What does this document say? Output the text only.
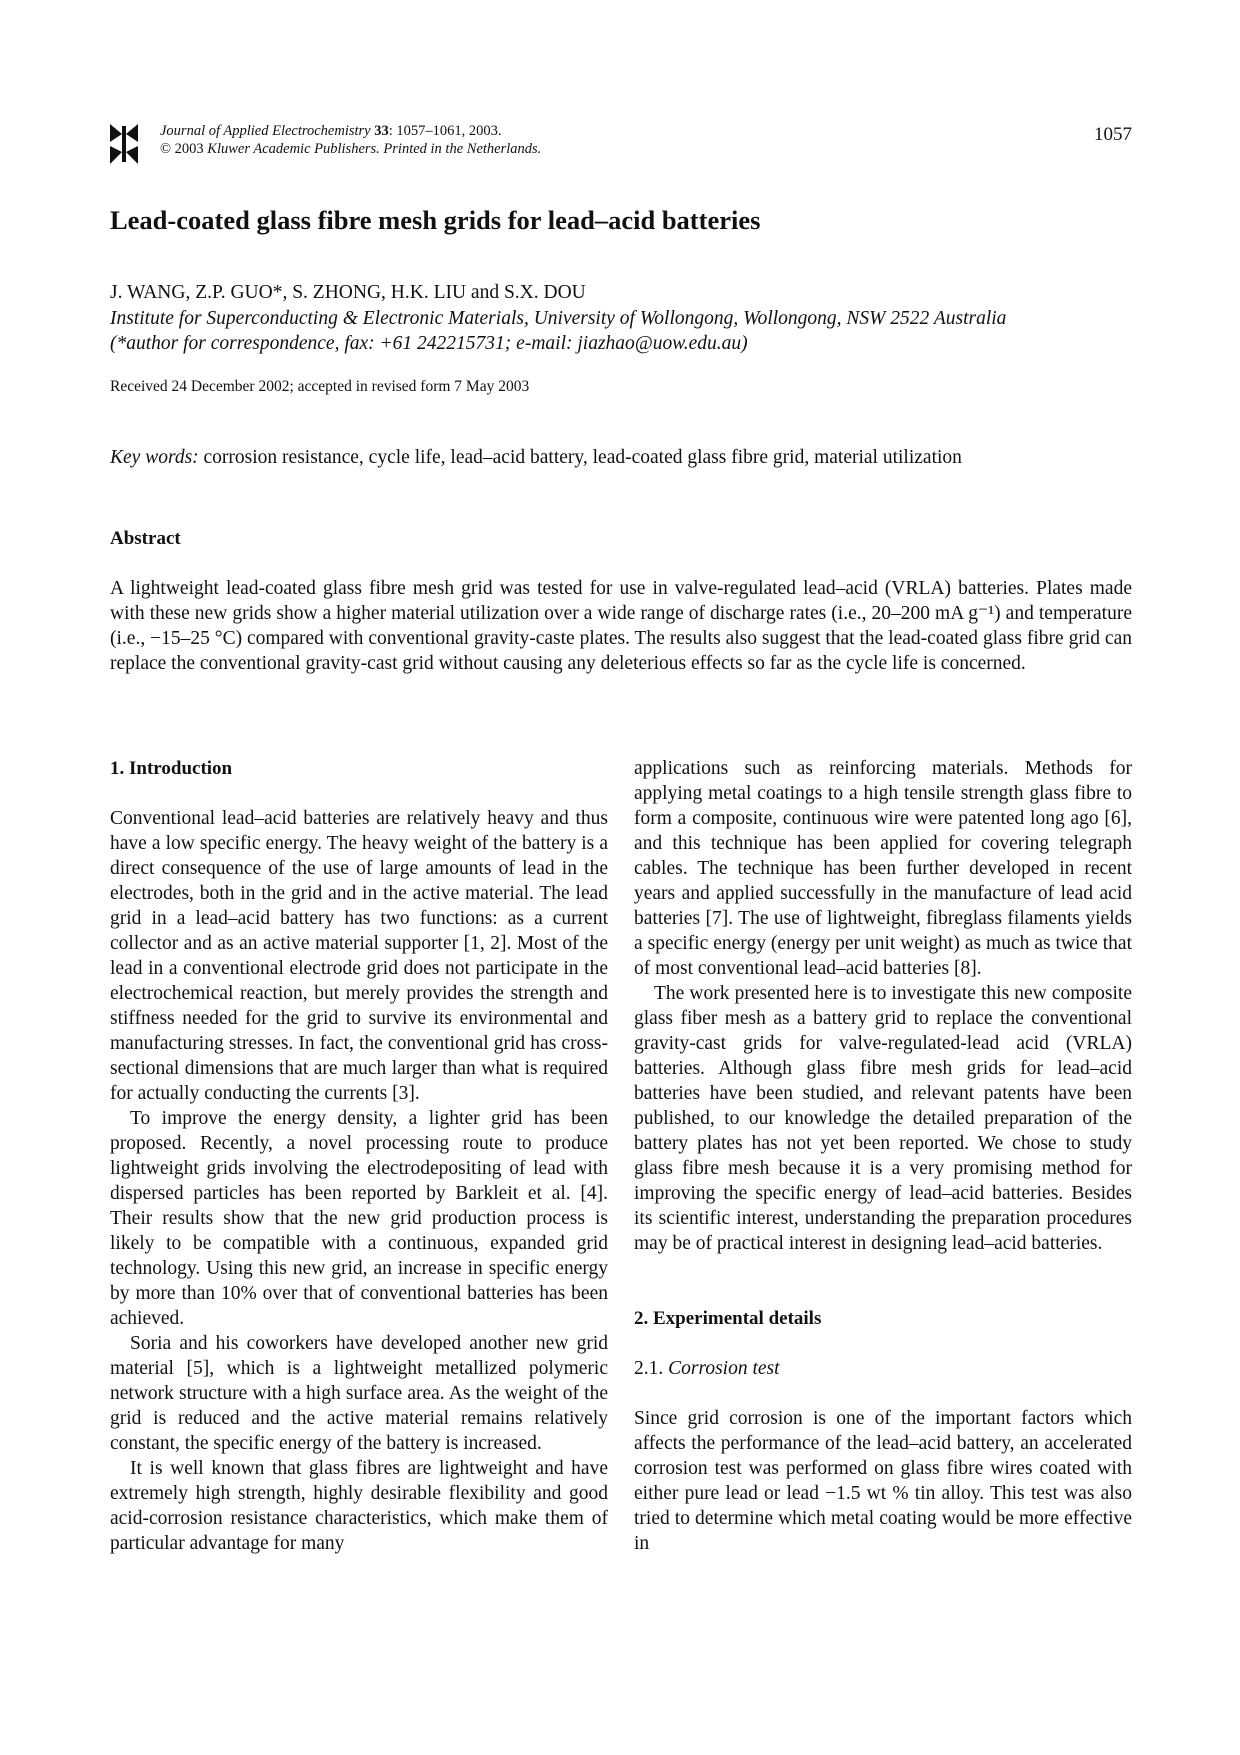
Journal of Applied Electrochemistry 33: 1057–1061, 2003.
© 2003 Kluwer Academic Publishers. Printed in the Netherlands.
1057
Lead-coated glass fibre mesh grids for lead–acid batteries
J. WANG, Z.P. GUO*, S. ZHONG, H.K. LIU and S.X. DOU
Institute for Superconducting & Electronic Materials, University of Wollongong, Wollongong, NSW 2522 Australia
(*author for correspondence, fax: +61 242215731; e-mail: jiazhao@uow.edu.au)
Received 24 December 2002; accepted in revised form 7 May 2003
Key words: corrosion resistance, cycle life, lead–acid battery, lead-coated glass fibre grid, material utilization
Abstract

A lightweight lead-coated glass fibre mesh grid was tested for use in valve-regulated lead–acid (VRLA) batteries. Plates made with these new grids show a higher material utilization over a wide range of discharge rates (i.e., 20–200 mA g⁻¹) and temperature (i.e., −15–25 °C) compared with conventional gravity-caste plates. The results also suggest that the lead-coated glass fibre grid can replace the conventional gravity-cast grid without causing any deleterious effects so far as the cycle life is concerned.

1. Introduction

Conventional lead–acid batteries are relatively heavy and thus have a low specific energy. The heavy weight of the battery is a direct consequence of the use of large amounts of lead in the electrodes, both in the grid and in the active material. The lead grid in a lead–acid battery has two functions: as a current collector and as an active material supporter [1, 2]. Most of the lead in a conventional electrode grid does not participate in the electrochemical reaction, but merely provides the strength and stiffness needed for the grid to survive its environmental and manufacturing stresses. In fact, the conventional grid has cross-sectional dimensions that are much larger than what is required for actually conducting the currents [3].

To improve the energy density, a lighter grid has been proposed. Recently, a novel processing route to produce lightweight grids involving the electrodepositing of lead with dispersed particles has been reported by Barkleit et al. [4]. Their results show that the new grid production process is likely to be compatible with a continuous, expanded grid technology. Using this new grid, an increase in specific energy by more than 10% over that of conventional batteries has been achieved.

Soria and his coworkers have developed another new grid material [5], which is a lightweight metallized polymeric network structure with a high surface area. As the weight of the grid is reduced and the active material remains relatively constant, the specific energy of the battery is increased.

It is well known that glass fibres are lightweight and have extremely high strength, highly desirable flexibility and good acid-corrosion resistance characteristics, which make them of particular advantage for many

applications such as reinforcing materials. Methods for applying metal coatings to a high tensile strength glass fibre to form a composite, continuous wire were patented long ago [6], and this technique has been applied for covering telegraph cables. The technique has been further developed in recent years and applied successfully in the manufacture of lead acid batteries [7]. The use of lightweight, fibreglass filaments yields a specific energy (energy per unit weight) as much as twice that of most conventional lead–acid batteries [8].

The work presented here is to investigate this new composite glass fiber mesh as a battery grid to replace the conventional gravity-cast grids for valve-regulated-lead acid (VRLA) batteries. Although glass fibre mesh grids for lead–acid batteries have been studied, and relevant patents have been published, to our knowledge the detailed preparation of the battery plates has not yet been reported. We chose to study glass fibre mesh because it is a very promising method for improving the specific energy of lead–acid batteries. Besides its scientific interest, understanding the preparation procedures may be of practical interest in designing lead–acid batteries.

2. Experimental details
2.1. Corrosion test

Since grid corrosion is one of the important factors which affects the performance of the lead–acid battery, an accelerated corrosion test was performed on glass fibre wires coated with either pure lead or lead −1.5 wt % tin alloy. This test was also tried to determine which metal coating would be more effective in
